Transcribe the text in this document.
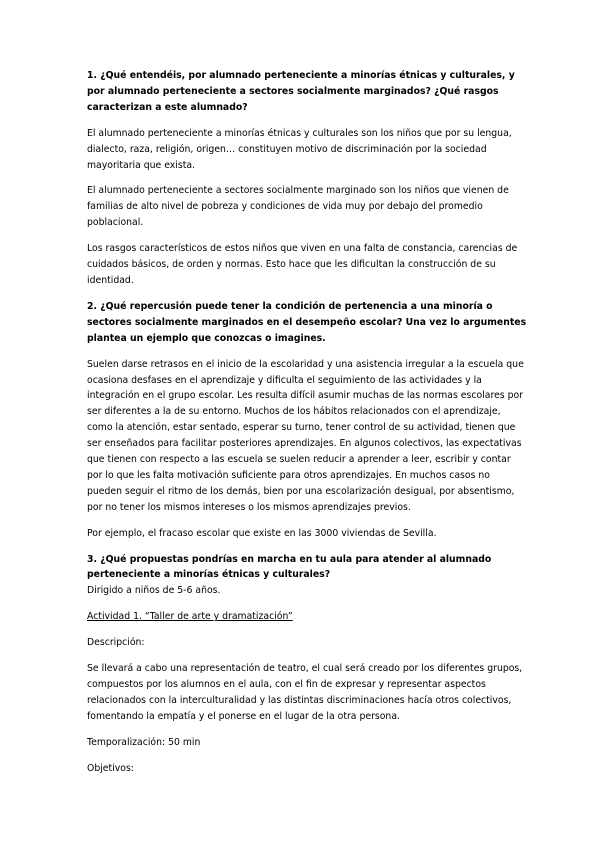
1. ¿Qué entendéis, por alumnado perteneciente a minorías étnicas y culturales, y por alumnado perteneciente a sectores socialmente marginados? ¿Qué rasgos caracterizan a este alumnado?

El alumnado perteneciente a minorías étnicas y culturales son los niños que por su lengua, dialecto, raza, religión, origen… constituyen motivo de discriminación por la sociedad mayoritaria que exista.

El alumnado perteneciente a sectores socialmente marginado son los niños que vienen de familias de alto nivel de pobreza y condiciones de vida muy por debajo del promedio poblacional.

Los rasgos característicos de estos niños que viven en una falta de constancia, carencias de cuidados básicos, de orden y normas. Esto hace que les dificultan la construcción de su identidad.

2. ¿Qué repercusión puede tener la condición de pertenencia a una minoría o sectores socialmente marginados en el desempeño escolar? Una vez lo argumentes plantea un ejemplo que conozcas o imagines.

Suelen darse retrasos en el inicio de la escolaridad y una asistencia irregular a la escuela que ocasiona desfases en el aprendizaje y dificulta el seguimiento de las actividades y la integración en el grupo escolar. Les resulta difícil asumir muchas de las normas escolares por ser diferentes a la de su entorno. Muchos de los hábitos relacionados con el aprendizaje, como la atención, estar sentado, esperar su turno, tener control de su actividad, tienen que ser enseñados para facilitar posteriores aprendizajes. En algunos colectivos, las expectativas que tienen con respecto a las escuela se suelen reducir a aprender a leer, escribir y contar por lo que les falta motivación suficiente para otros aprendizajes. En muchos casos no pueden seguir el ritmo de los demás, bien por una escolarización desigual, por absentismo, por no tener los mismos intereses o los mismos aprendizajes previos.

Por ejemplo, el fracaso escolar que existe en las 3000 viviendas de Sevilla.

3. ¿Qué propuestas pondrías en marcha en tu aula para atender al alumnado perteneciente a minorías étnicas y culturales?

Dirigido a niños de 5-6 años.

Actividad 1. “Taller de arte y dramatización”

Descripción:

Se llevará a cabo una representación de teatro, el cual será creado por los diferentes grupos, compuestos por los alumnos en el aula, con el fin de expresar y representar aspectos relacionados con la interculturalidad y las distintas discriminaciones hacía otros colectivos, fomentando la empatía y el ponerse en el lugar de la otra persona.

Temporalización: 50 min

Objetivos:
